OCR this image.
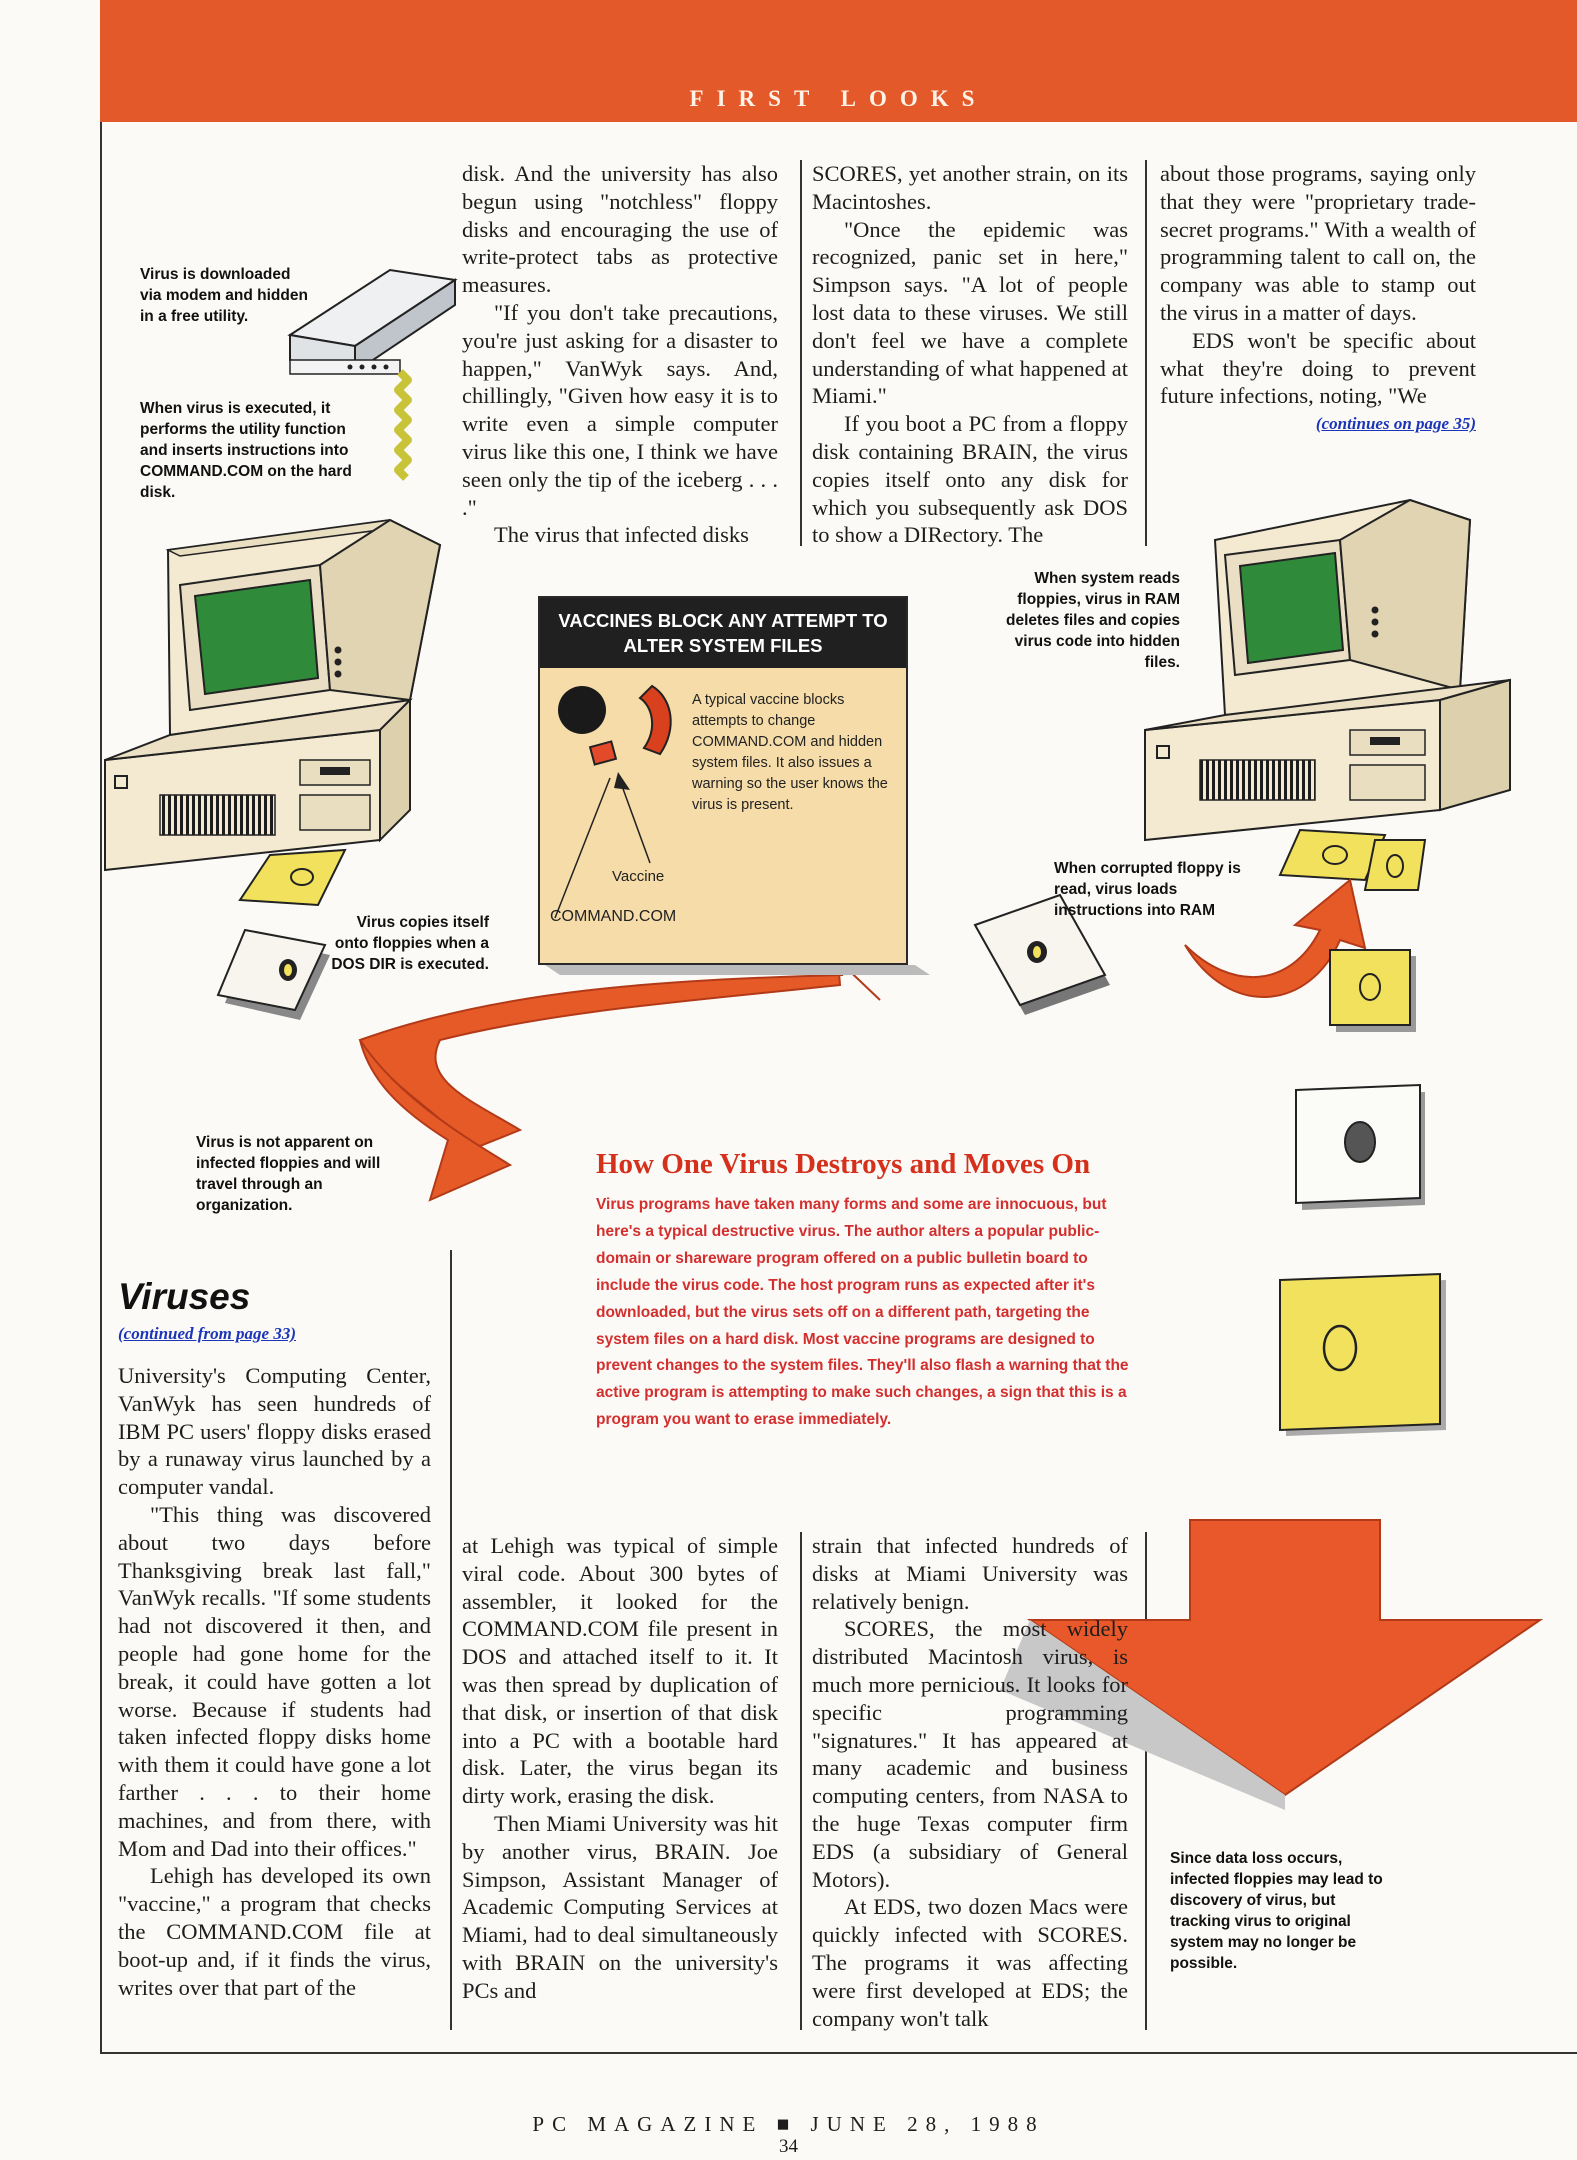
FIRST LOOKS
VACCINES BLOCK ANY ATTEMPT TO ALTER SYSTEM FILES
A typical vaccine blocks attempts to change COMMAND.COM and hidden system files. It also issues a warning so the user knows the virus is present.
Vaccine
COMMAND.COM
Virus is downloaded via modem and hidden in a free utility.
When virus is executed, it performs the utility function and inserts instructions into COMMAND.COM on the hard disk.
Virus copies itself onto floppies when a DOS DIR is executed.
Virus is not apparent on infected floppies and will travel through an organization.
When system reads floppies, virus in RAM deletes files and copies virus code into hidden files.
When corrupted floppy is read, virus loads instructions into RAM
Since data loss occurs, infected floppies may lead to discovery of virus, but tracking virus to original system may no longer be possible.
How One Virus Destroys and Moves On
Virus programs have taken many forms and some are innocuous, but here's a typical destructive virus. The author alters a popular public-domain or shareware program offered on a public bulletin board to include the virus code. The host program runs as expected after it's downloaded, but the virus sets off on a different path, targeting the system files on a hard disk. Most vaccine programs are designed to prevent changes to the system files. They'll also flash a warning that the active program is attempting to make such changes, a sign that this is a program you want to erase immediately.

disk. And the university has also begun using "notchless" floppy disks and encouraging the use of write-protect tabs as protective measures.

"If you don't take precautions, you're just asking for a disaster to happen," VanWyk says. And, chillingly, "Given how easy it is to write even a simple computer virus like this one, I think we have seen only the tip of the iceberg . . . ."

The virus that infected disks

SCORES, yet another strain, on its Macintoshes.

"Once the epidemic was recognized, panic set in here," Simpson says. "A lot of people lost data to these viruses. We still don't feel we have a complete understanding of what happened at Miami."

If you boot a PC from a floppy disk containing BRAIN, the virus copies itself onto any disk for which you subsequently ask DOS to show a DIRectory. The

about those programs, saying only that they were "proprietary trade-secret programs." With a wealth of programming talent to call on, the company was able to stamp out the virus in a matter of days.

EDS won't be specific about what they're doing to prevent future infections, noting, "We

(continues on page 35)
Viruses
(continued from page 33)

University's Computing Center, VanWyk has seen hundreds of IBM PC users' floppy disks erased by a runaway virus launched by a computer vandal.

"This thing was discovered about two days before Thanksgiving break last fall," VanWyk recalls. "If some students had not discovered it then, and people had gone home for the break, it could have gotten a lot worse. Because if students had taken infected floppy disks home with them it could have gone a lot farther . . . to their home machines, and from there, with Mom and Dad into their offices."

Lehigh has developed its own "vaccine," a program that checks the COMMAND.COM file at boot-up and, if it finds the virus, writes over that part of the

at Lehigh was typical of simple viral code. About 300 bytes of assembler, it looked for the COMMAND.COM file present in DOS and attached itself to it. It was then spread by duplication of that disk, or insertion of that disk into a PC with a bootable hard disk. Later, the virus began its dirty work, erasing the disk.

Then Miami University was hit by another virus, BRAIN. Joe Simpson, Assistant Manager of Academic Computing Services at Miami, had to deal simultaneously with BRAIN on the university's PCs and

strain that infected hundreds of disks at Miami University was relatively benign.

SCORES, the most widely distributed Macintosh virus, is much more pernicious. It looks for specific programming "signatures." It has appeared at many academic and business computing centers, from NASA to the huge Texas computer firm EDS (a subsidiary of General Motors).

At EDS, two dozen Macs were quickly infected with SCORES. The programs it was affecting were first developed at EDS; the company won't talk

PC MAGAZINE ■ JUNE 28, 1988
34
